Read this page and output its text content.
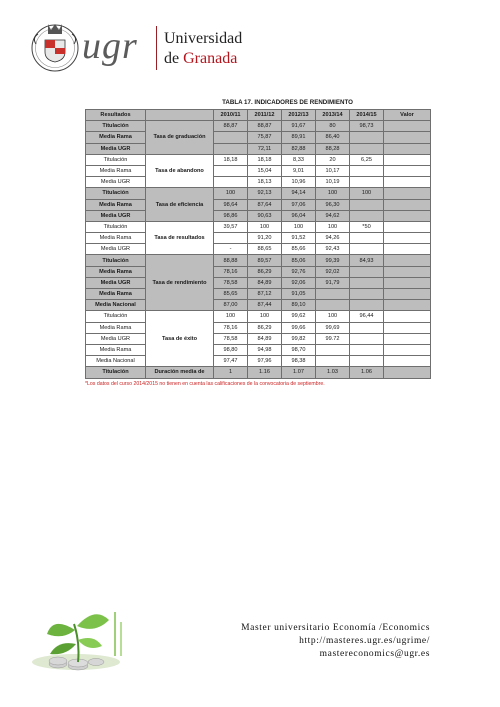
ugr Universidad
de Granada
TABLA 17. INDICADORES DE RENDIMIENTO
Resultados		2010/11	2011/12	2012/13	2013/14	2014/15	Valor
Titulación	Tasa de graduación	88,87	88,87	91,67	80	98,73	
Media Rama			75,87	89,91	86,40		
Media UGR			72,11	82,88	88,28		
Titulación	Tasa de abandono	18,18	18,18	8,33	20	6,25	
Media Rama			15,04	9,01	10,17		
Media UGR			18,13	10,96	10,19		
Titulación	Tasa de eficiencia	100	92,13	94,14	100	100	
Media Rama		98,64	87,64	97,06	96,30		
Media UGR		98,86	90,63	96,04	94,62		
Titulación	Tasa de resultados	39,57	100	100	100	*50	
Media Rama			91,20	91,52	94,26		
Media UGR		-	88,65	85,66	92,43		
Titulación	Tasa de rendimiento	88,88	89,57	85,06	99,39	84,93	
Media Rama		78,16	86,29	92,76	92,02		
Media UGR		78,58	84,89	92,06	91,79		
Media Rama		85,65	87,12	91,05			
Media Nacional		87,00	87,44	89,10			
Titulación	Tasa de éxito	100	100	99,62	100	96,44	
Media Rama		78,16	86,29	99,66	99,69		
Media UGR		78,58	84,89	99,82	99.72		
Media Rama		98,80	94,98	98,70			
Media Nacional		97,47	97,96	98,38			
Titulación	Duración media de	1	1.16	1.07	1.03	1.06	
*Los datos del curso 2014/2015 no tienen en cuenta las calificaciones de la convocatoria de septiembre.
Master universitario Economía /Economics
http://masteres.ugr.es/ugrime/
mastereconomics@ugr.es
